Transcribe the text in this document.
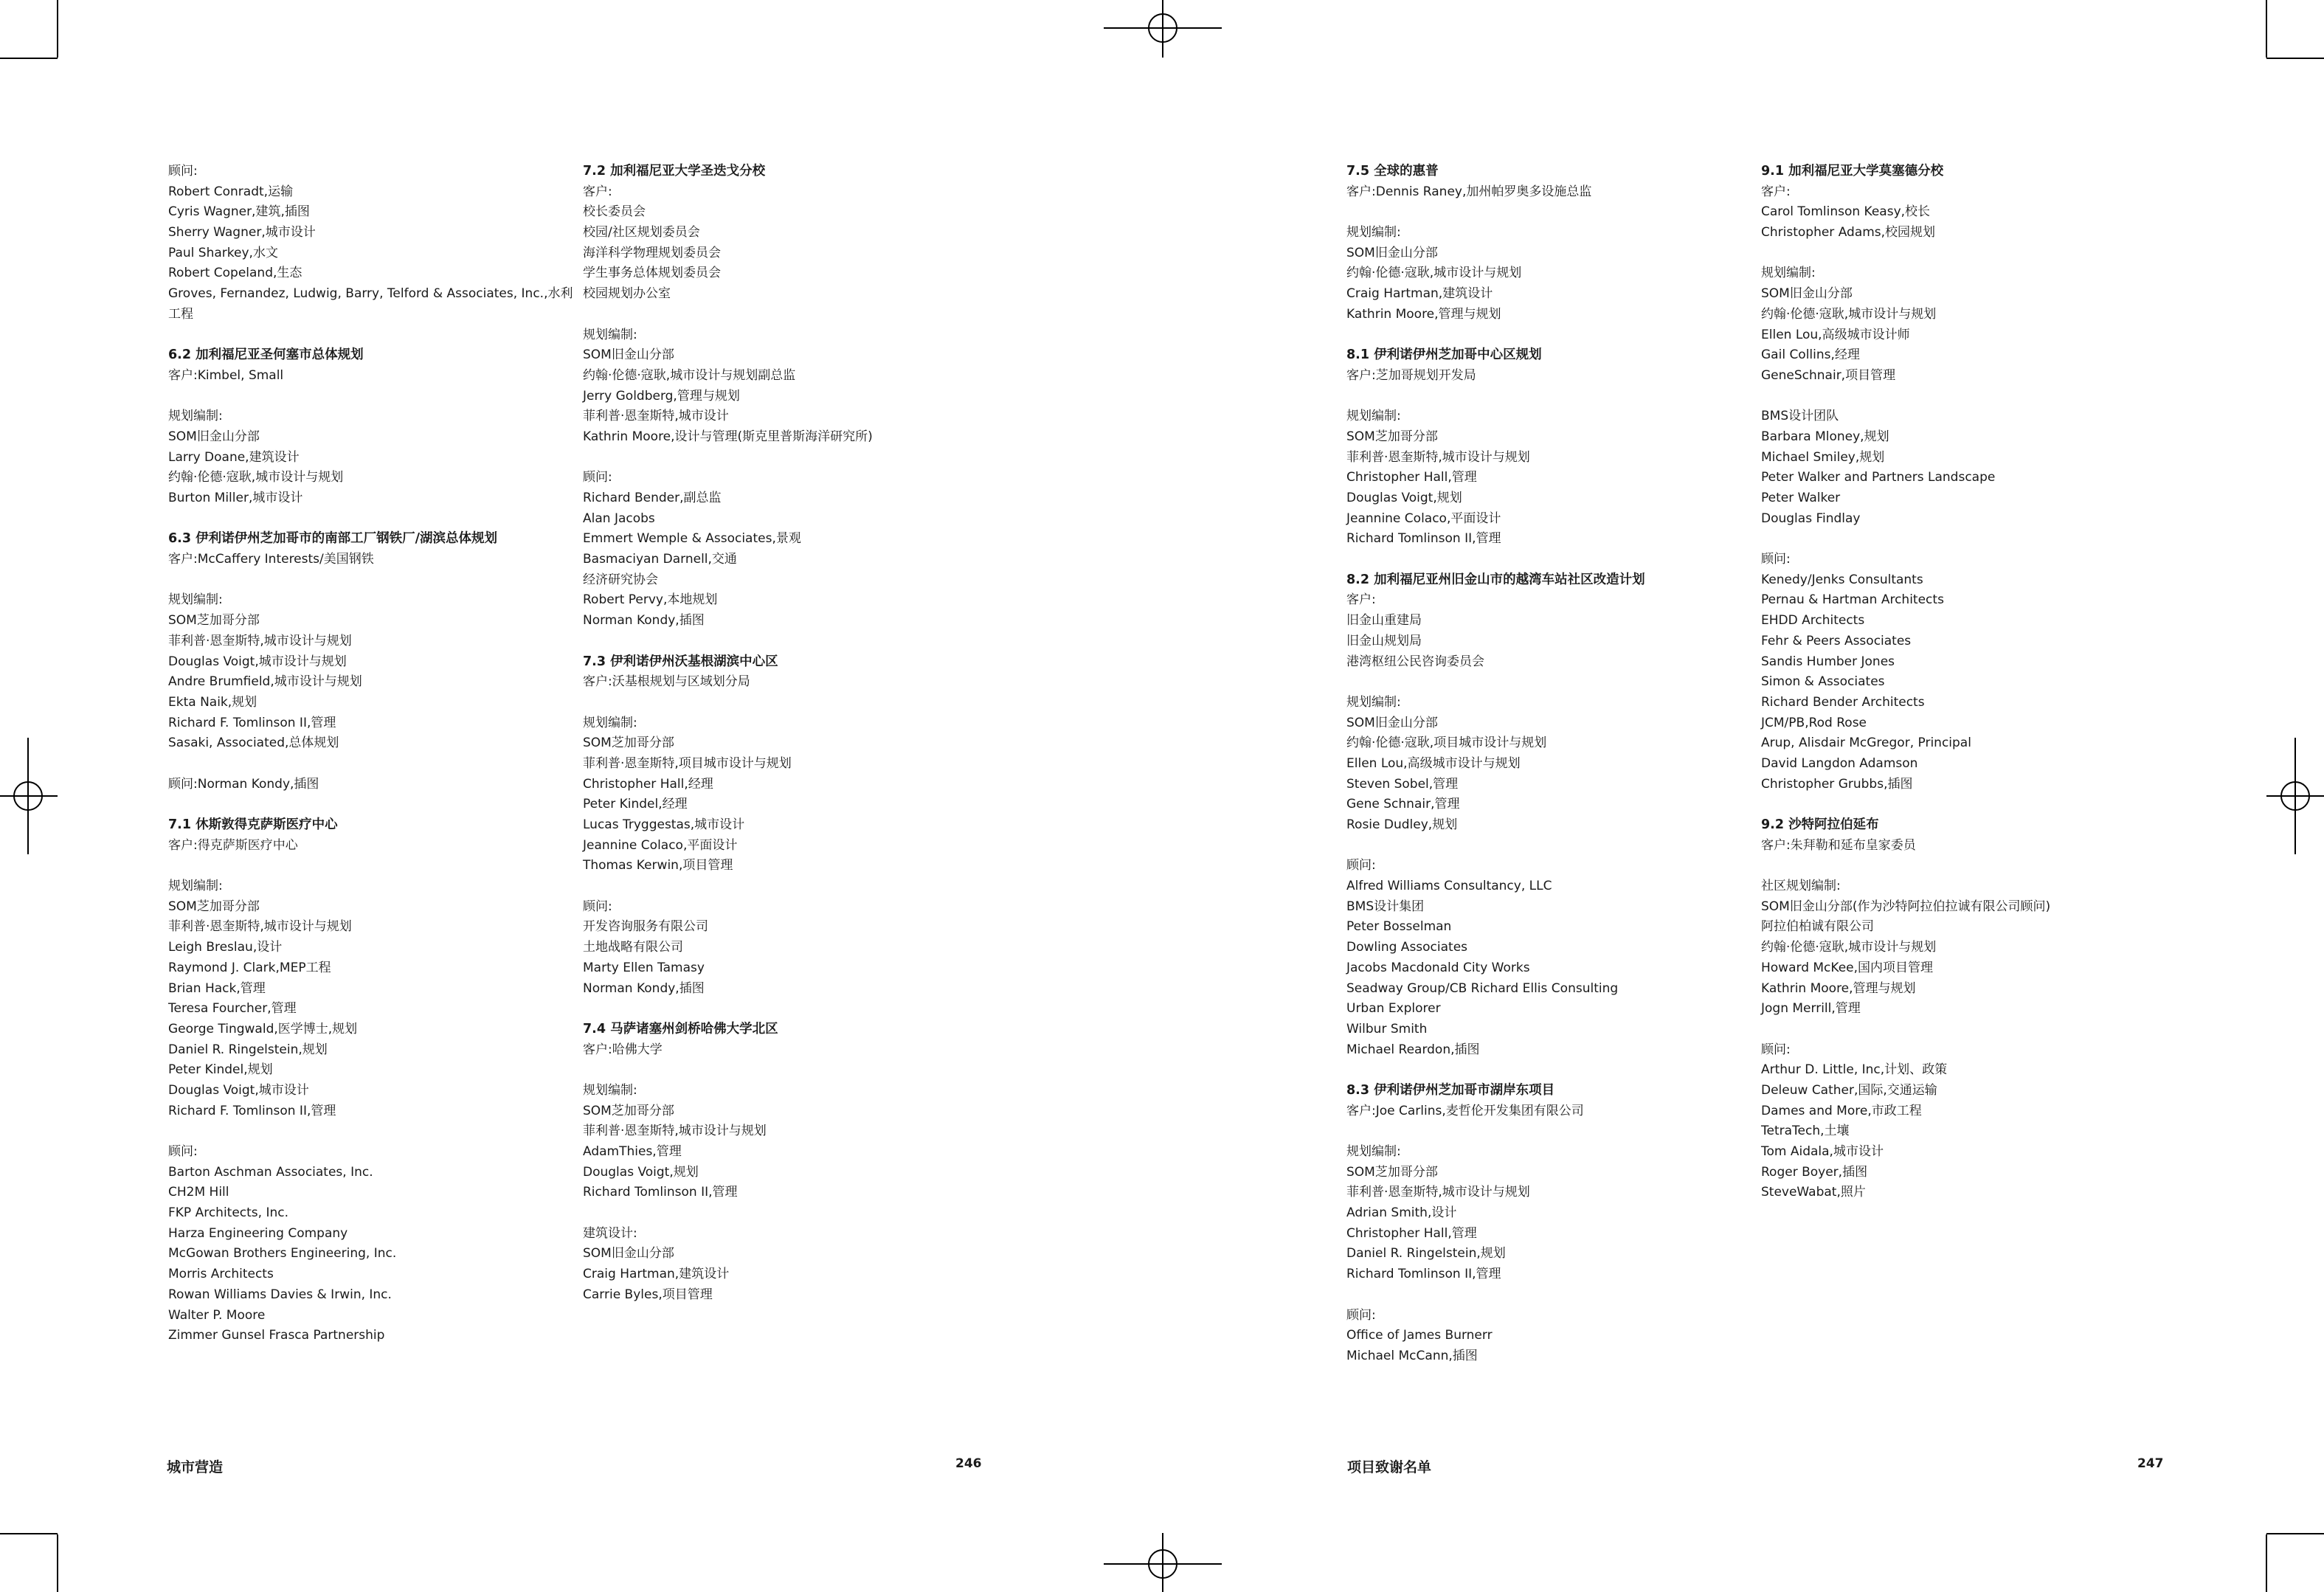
顾问:
Robert Conradt,运输
Cyris Wagner,建筑,插图
Sherry Wagner,城市设计
Paul Sharkey,水文
Robert Copeland,生态
Groves, Fernandez, Ludwig, Barry, Telford & Associates, Inc.,水利
工程
6.2 加利福尼亚圣何塞市总体规划
客户:Kimbel, Small
规划编制:
SOM旧金山分部
Larry Doane,建筑设计
约翰·伦德·寇耿,城市设计与规划
Burton Miller,城市设计
6.3 伊利诺伊州芝加哥市的南部工厂钢铁厂/湖滨总体规划
客户:McCaffery Interests/美国钢铁
规划编制:
SOM芝加哥分部
菲利普·恩奎斯特,城市设计与规划
Douglas Voigt,城市设计与规划
Andre Brumfield,城市设计与规划
Ekta Naik,规划
Richard F. Tomlinson II,管理
Sasaki, Associated,总体规划
顾问:Norman Kondy,插图
7.1 休斯敦得克萨斯医疗中心
客户:得克萨斯医疗中心
规划编制:
SOM芝加哥分部
菲利普·恩奎斯特,城市设计与规划
Leigh Breslau,设计
Raymond J. Clark,MEP工程
Brian Hack,管理
Teresa Fourcher,管理
George Tingwald,医学博士,规划
Daniel R. Ringelstein,规划
Peter Kindel,规划
Douglas Voigt,城市设计
Richard F. Tomlinson II,管理
顾问:
Barton Aschman Associates, Inc.
CH2M Hill
FKP Architects, Inc.
Harza Engineering Company
McGowan Brothers Engineering, Inc.
Morris Architects
Rowan Williams Davies & Irwin, Inc.
Walter P. Moore
Zimmer Gunsel Frasca Partnership
7.2 加利福尼亚大学圣迭戈分校
客户:
校长委员会
校园/社区规划委员会
海洋科学物理规划委员会
学生事务总体规划委员会
校园规划办公室
规划编制:
SOM旧金山分部
约翰·伦德·寇耿,城市设计与规划副总监
Jerry Goldberg,管理与规划
菲利普·恩奎斯特,城市设计
Kathrin Moore,设计与管理(斯克里普斯海洋研究所)
顾问:
Richard Bender,副总监
Alan Jacobs
Emmert Wemple & Associates,景观
Basmaciyan Darnell,交通
经济研究协会
Robert Pervy,本地规划
Norman Kondy,插图
7.3 伊利诺伊州沃基根湖滨中心区
客户:沃基根规划与区域划分局
规划编制:
SOM芝加哥分部
菲利普·恩奎斯特,项目城市设计与规划
Christopher Hall,经理
Peter Kindel,经理
Lucas Tryggestas,城市设计
Jeannine Colaco,平面设计
Thomas Kerwin,项目管理
顾问:
开发咨询服务有限公司
土地战略有限公司
Marty Ellen Tamasy
Norman Kondy,插图
7.4 马萨诸塞州剑桥哈佛大学北区
客户:哈佛大学
规划编制:
SOM芝加哥分部
菲利普·恩奎斯特,城市设计与规划
AdamThies,管理
Douglas Voigt,规划
Richard Tomlinson II,管理
建筑设计:
SOM旧金山分部
Craig Hartman,建筑设计
Carrie Byles,项目管理
7.5 全球的惠普
客户:Dennis Raney,加州帕罗奥多设施总监
规划编制:
SOM旧金山分部
约翰·伦德·寇耿,城市设计与规划
Craig Hartman,建筑设计
Kathrin Moore,管理与规划
8.1 伊利诺伊州芝加哥中心区规划
客户:芝加哥规划开发局
规划编制:
SOM芝加哥分部
菲利普·恩奎斯特,城市设计与规划
Christopher Hall,管理
Douglas Voigt,规划
Jeannine Colaco,平面设计
Richard Tomlinson II,管理
8.2 加利福尼亚州旧金山市的越湾车站社区改造计划
客户:
旧金山重建局
旧金山规划局
港湾枢纽公民咨询委员会
规划编制:
SOM旧金山分部
约翰·伦德·寇耿,项目城市设计与规划
Ellen Lou,高级城市设计与规划
Steven Sobel,管理
Gene Schnair,管理
Rosie Dudley,规划
顾问:
Alfred Williams Consultancy, LLC
BMS设计集团
Peter Bosselman
Dowling Associates
Jacobs Macdonald City Works
Seadway Group/CB Richard Ellis Consulting
Urban Explorer
Wilbur Smith
Michael Reardon,插图
8.3 伊利诺伊州芝加哥市湖岸东项目
客户:Joe Carlins,麦哲伦开发集团有限公司
规划编制:
SOM芝加哥分部
菲利普·恩奎斯特,城市设计与规划
Adrian Smith,设计
Christopher Hall,管理
Daniel R. Ringelstein,规划
Richard Tomlinson II,管理
顾问:
Office of James Burnerr
Michael McCann,插图
9.1 加利福尼亚大学莫塞德分校
客户:
Carol Tomlinson Keasy,校长
Christopher Adams,校园规划
规划编制:
SOM旧金山分部
约翰·伦德·寇耿,城市设计与规划
Ellen Lou,高级城市设计师
Gail Collins,经理
GeneSchnair,项目管理
BMS设计团队
Barbara Mloney,规划
Michael Smiley,规划
Peter Walker and Partners Landscape
Peter Walker
Douglas Findlay
顾问:
Kenedy/Jenks Consultants
Pernau & Hartman Architects
EHDD Architects
Fehr & Peers Associates
Sandis Humber Jones
Simon & Associates
Richard Bender Architects
JCM/PB,Rod Rose
Arup, Alisdair McGregor, Principal
David Langdon Adamson
Christopher Grubbs,插图
9.2 沙特阿拉伯延布
客户:朱拜勒和延布皇家委员
社区规划编制:
SOM旧金山分部(作为沙特阿拉伯拉诚有限公司顾问)
阿拉伯柏诚有限公司
约翰·伦德·寇耿,城市设计与规划
Howard McKee,国内项目管理
Kathrin Moore,管理与规划
Jogn Merrill,管理
顾问:
Arthur D. Little, Inc,计划、政策
Deleuw Cather,国际,交通运输
Dames and More,市政工程
TetraTech,土壤
Tom Aidala,城市设计
Roger Boyer,插图
SteveWabat,照片
城市营造	246	项目致谢名单	247
